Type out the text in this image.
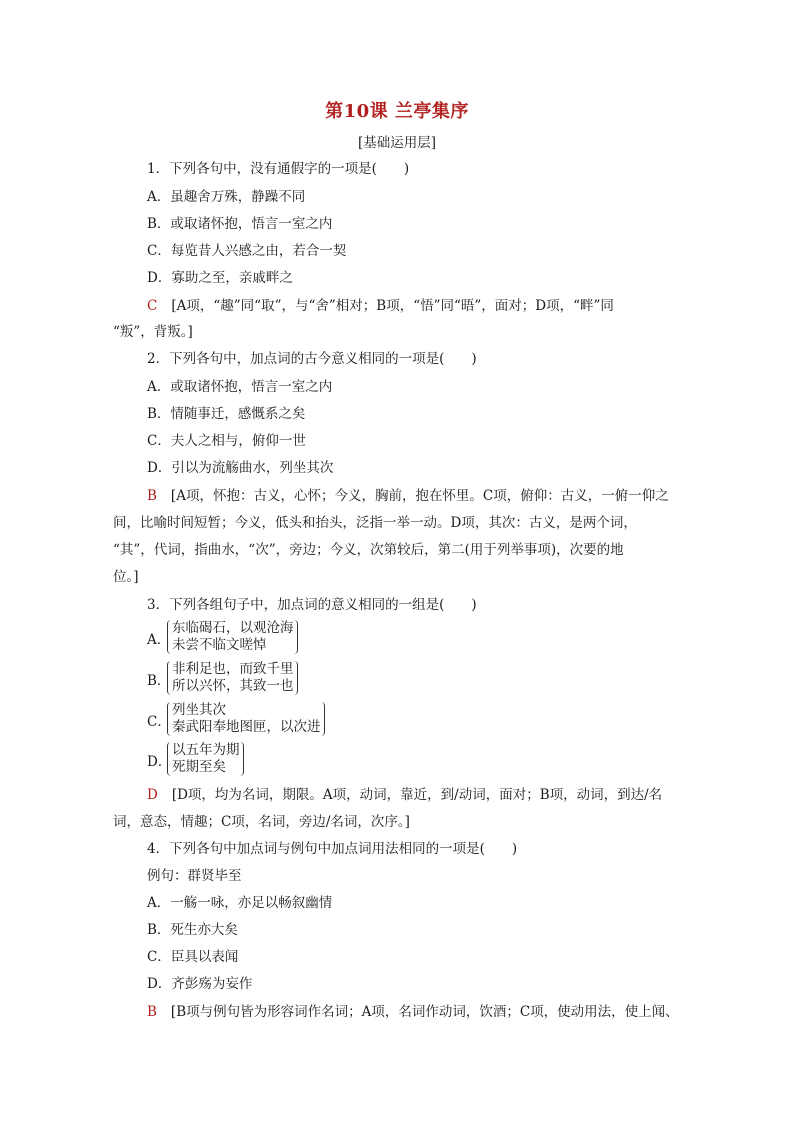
第10课 兰亭集序
[基础运用层]
1．下列各句中，没有通假字的一项是(　　)
A．虽趣舍万殊，静躁不同
B．或取诸怀抱，悟言一室之内
C．每览昔人兴感之由，若合一契
D．寡助之至，亲戚畔之
C [A项，“趣”同“取”，与“舍”相对；B项，“悟”同“晤”，面对；D项，“畔”同
“叛”，背叛。]
2．下列各句中，加点词的古今意义相同的一项是(　　)
A．或取诸怀抱，悟言一室之内
B．情随事迁，感慨系之矣
C．夫人之相与，俯仰一世
D．引以为流觞曲水，列坐其次
B [A项，怀抱：古义，心怀；今义，胸前，抱在怀里。C项，俯仰：古义，一俯一仰之
间，比喻时间短暂；今义，低头和抬头，泛指一举一动。D项，其次：古义，是两个词，
“其”，代词，指曲水，“次”，旁边；今义，次第较后，第二(用于列举事项)，次要的地
位。]
3．下列各组句子中，加点词的意义相同的一组是(　　)
A．
东临碣石，以观沧海
未尝不临文嗟悼
B．
非利足也，而致千里
所以兴怀，其致一也
C．
列坐其次
秦武阳奉地图匣，以次进
D．
以五年为期
死期至矣
D [D项，均为名词，期限。A项，动词，靠近，到/动词，面对；B项，动词，到达/名
词，意态，情趣；C项，名词，旁边/名词，次序。]
4．下列各句中加点词与例句中加点词用法相同的一项是(　　)
例句：群贤毕至
A．一觞一咏，亦足以畅叙幽情
B．死生亦大矣
C．臣具以表闻
D．齐彭殇为妄作
B [B项与例句皆为形容词作名词；A项，名词作动词，饮酒；C项，使动用法，使上闻、
